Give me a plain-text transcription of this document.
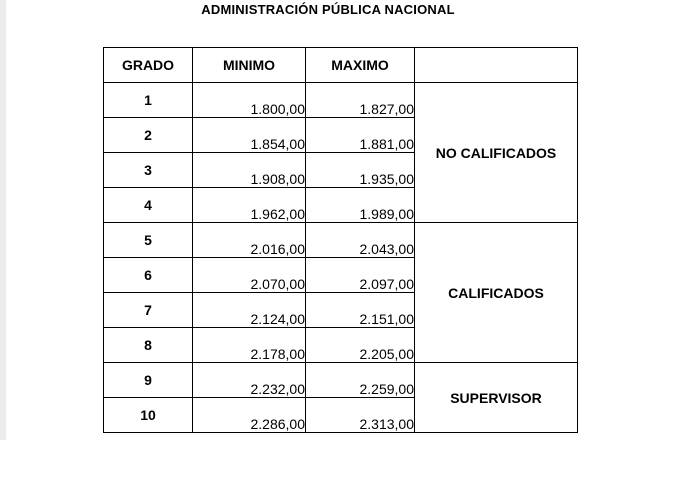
ADMINISTRACIÓN PÚBLICA NACIONAL
GRADO	MINIMO	MAXIMO	
1	1.800,00	1.827,00	NO CALIFICADOS
2	1.854,00	1.881,00	
3	1.908,00	1.935,00	
4	1.962,00	1.989,00	
5	2.016,00	2.043,00	CALIFICADOS
6	2.070,00	2.097,00	
7	2.124,00	2.151,00	
8	2.178,00	2.205,00	
9	2.232,00	2.259,00	SUPERVISOR
10	2.286,00	2.313,00	
